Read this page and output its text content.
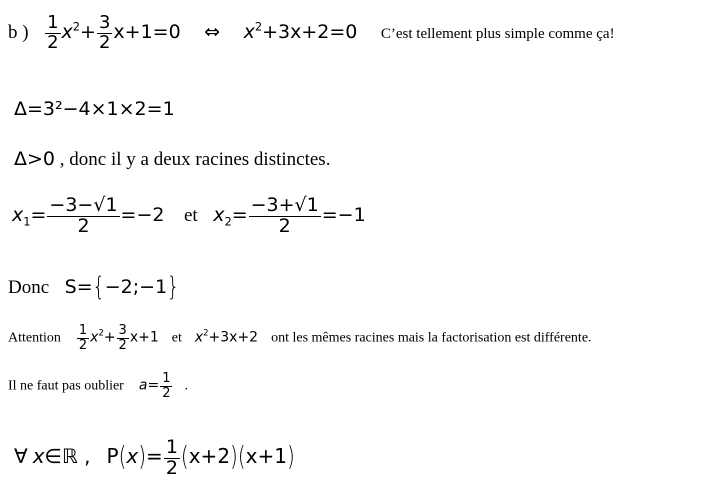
b ) $\frac{1}{2} x^2+ \frac{3}{2} x+1=0$ ⇔ $x^2+3x+2=0$ C’est tellement plus simple comme ça!
Δ=3²−4×1×2=1
Δ>0 , donc il y a deux racines distinctes.
$x_1= \frac{-3-√1}{2} =-2$ et $x_2= \frac{-3+√1}{2} =-1$
Donc S={−2;−1}
Attention $\frac{1}{2} x^2+ \frac{3}{2} x+1$ et $x^2+3x+2$ ont les mêmes racines mais la factorisation est différente.
Il ne faut pas oublier $a= \frac{1}{2}$ .
∀ x∈ℝ , $P(x)= \frac{1}{2} (x+2)(x+1)$
